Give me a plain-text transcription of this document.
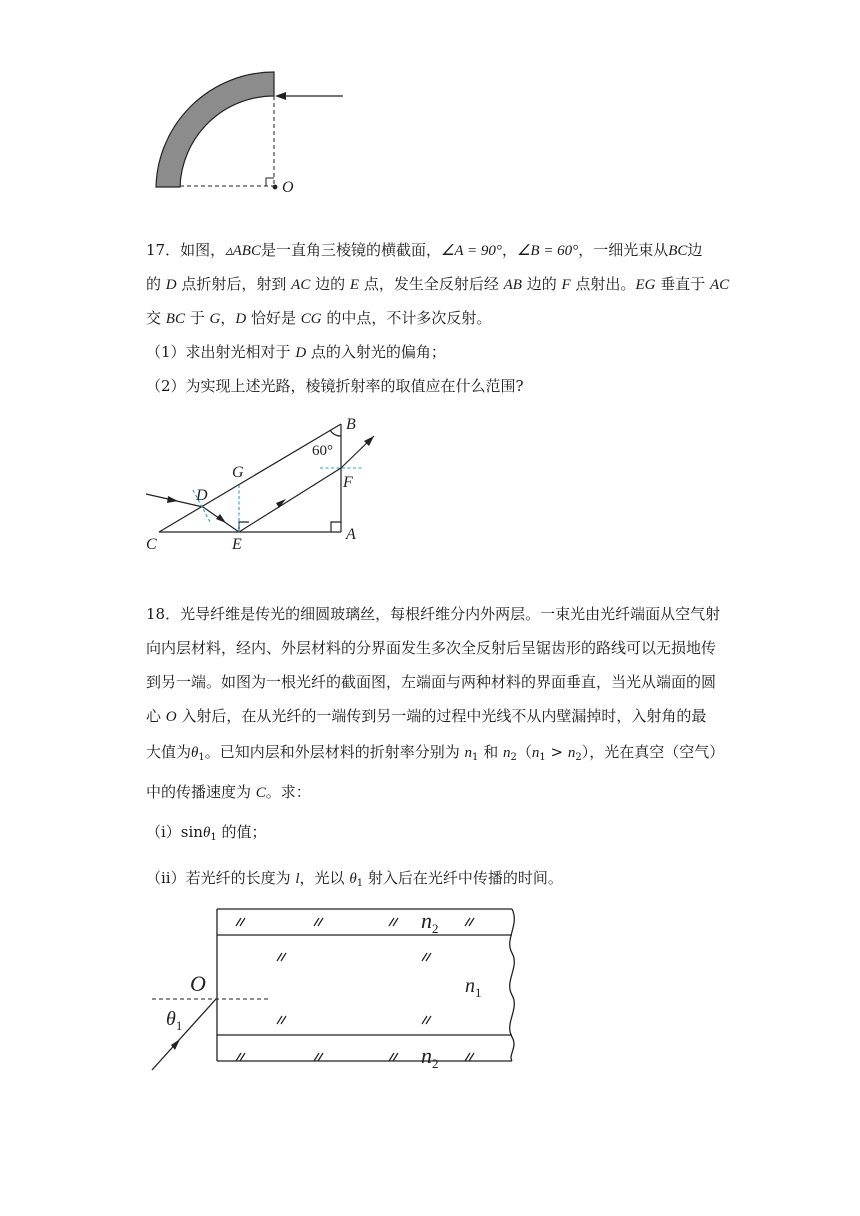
O
17．如图，▵ABC是一直角三棱镜的横截面，∠A = 90°，∠B = 60°，一细光束从BC边
的 D 点折射后，射到 AC 边的 E 点，发生全反射后经 AB 边的 F 点射出。EG 垂直于 AC
交 BC 于 G，D 恰好是 CG 的中点，不计多次反射。
（1）求出射光相对于 D 点的入射光的偏角；
（2）为实现上述光路，棱镜折射率的取值应在什么范围?
B
G
F
D
C	E
A
60°
18．光导纤维是传光的细圆玻璃丝，每根纤维分内外两层。一束光由光纤端面从空气射
向内层材料，经内、外层材料的分界面发生多次全反射后呈锯齿形的路线可以无损地传
到另一端。如图为一根光纤的截面图，左端面与两种材料的界面垂直，当光从端面的圆
心 O 入射后，在从光纤的一端传到另一端的过程中光线不从内壁漏掉时，入射角的最
大值为$\theta_1$。已知内层和外层材料的折射率分别为 $n_1$ 和 $n_2(n_1 > n_2)$，光在真空（空气）
中的传播速度为 C。求：
（i）sinθ$_1$ 的值；
（ii）若光纤的长度为 l，光以 $\theta_1$ 射入后在光纤中传播的时间。
O
$n_2$
$n_1$
$n_2$
$\theta_1$
